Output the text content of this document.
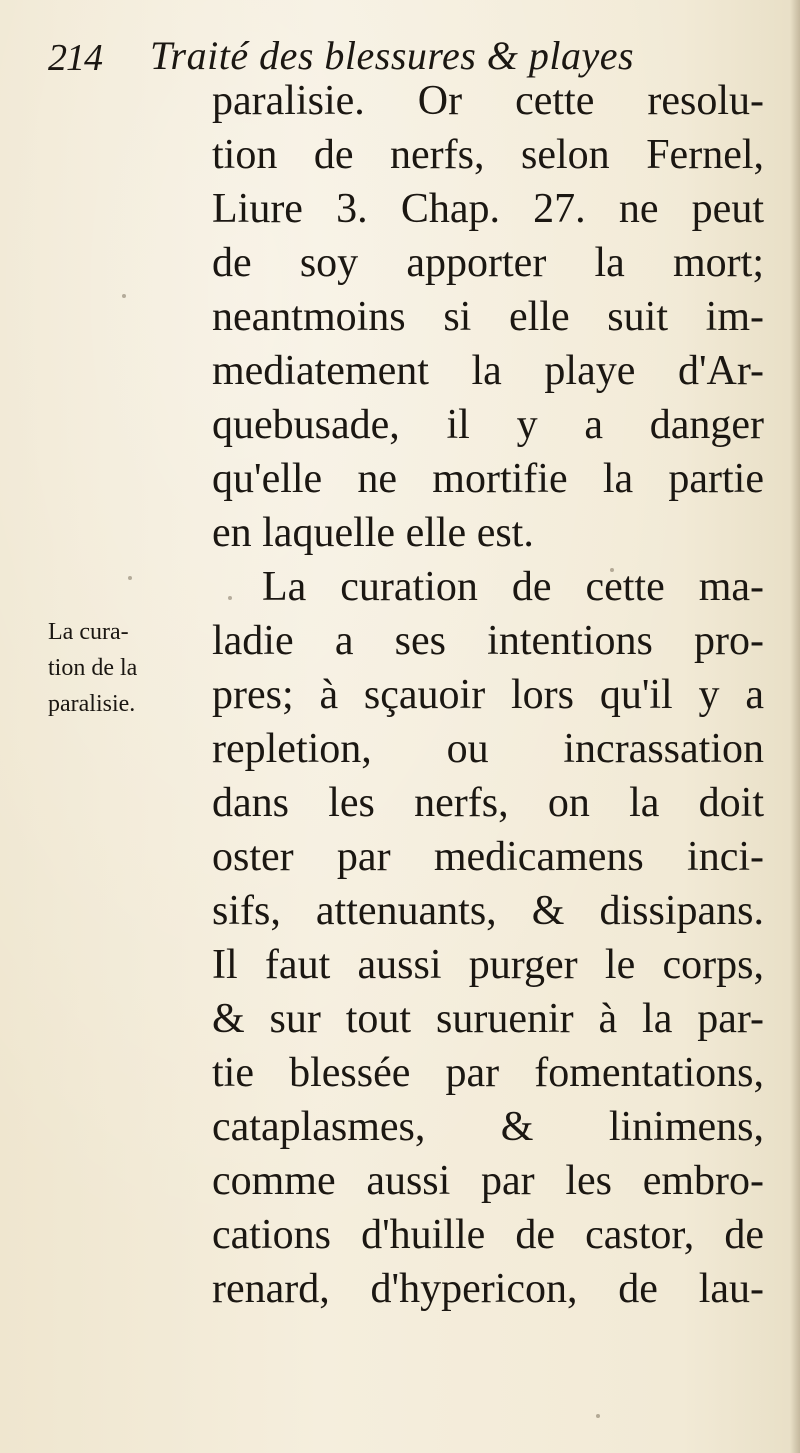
214 Traité des blessures & playes
La cura-
tion de la
paralisie.
paralisie. Or cette resolu-
tion de nerfs, selon Fernel,
Liure 3. Chap. 27. ne peut
de soy apporter la mort;
neantmoins si elle suit im-
mediatement la playe d'Ar-
quebusade, il y a danger
qu'elle ne mortifie la partie
en laquelle elle est.
La curation de cette ma-
ladie a ses intentions pro-
pres; à sçauoir lors qu'il y a
repletion, ou incrassation
dans les nerfs, on la doit
oster par medicamens inci-
sifs, attenuants, & dissipans.
Il faut aussi purger le corps,
& sur tout suruenir à la par-
tie blessée par fomentations,
cataplasmes, & linimens,
comme aussi par les embro-
cations d'huille de castor, de
renard, d'hypericon, de lau-
